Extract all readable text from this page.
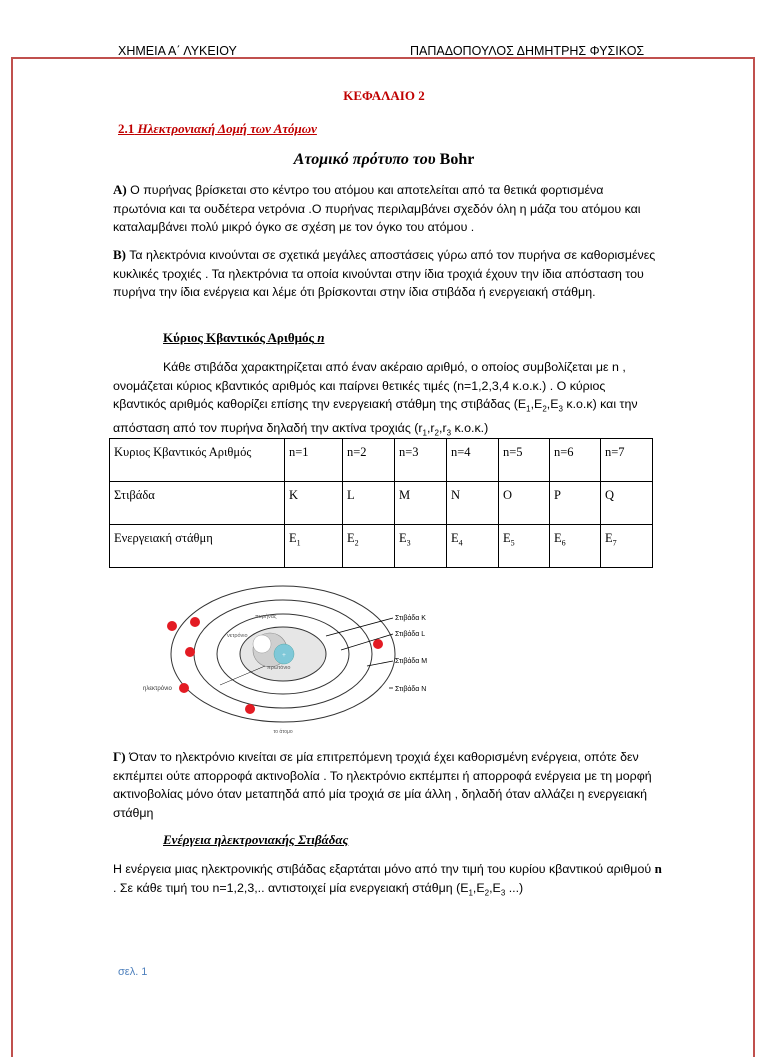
ΧΗΜΕΙΑ Α΄ ΛΥΚΕΙΟΥ	ΠΑΠΑΔΟΠΟΥΛΟΣ ΔΗΜΗΤΡΗΣ ΦΥΣΙΚΟΣ
ΚΕΦΑΛΑΙΟ 2
2.1 Ηλεκτρονιακή Δομή των Ατόμων
Ατομικό πρότυπο του Bohr
Α) Ο πυρήνας βρίσκεται στο κέντρο του ατόμου και αποτελείται από τα θετικά φορτισμένα πρωτόνια και τα ουδέτερα νετρόνια .Ο πυρήνας περιλαμβάνει σχεδόν όλη η μάζα του ατόμου και καταλαμβάνει πολύ μικρό όγκο σε σχέση με τον όγκο του ατόμου .
Β) Τα ηλεκτρόνια κινούνται σε σχετικά μεγάλες αποστάσεις γύρω από τον πυρήνα σε καθορισμένες κυκλικές τροχιές . Τα ηλεκτρόνια τα οποία κινούνται στην ίδια τροχιά έχουν την ίδια απόσταση του πυρήνα την ίδια ενέργεια και λέμε ότι βρίσκονται στην ίδια στιβάδα ή ενεργειακή στάθμη.
Κύριος Κβαντικός Αριθμός n
Κάθε στιβάδα χαρακτηρίζεται από έναν ακέραιο αριθμό, ο οποίος συμβολίζεται με n , ονομάζεται κύριος κβαντικός αριθμός και παίρνει θετικές τιμές (n=1,2,3,4 κ.ο.κ.) . Ο κύριος κβαντικός αριθμός καθορίζει επίσης την ενεργειακή στάθμη της στιβάδας ($E_1,E_2,E_3$ κ.ο.κ) και την απόσταση από τον πυρήνα δηλαδή την ακτίνα τροχιάς ($r_1,r_2,r_3$ κ.ο.κ.)
Κυριος Κβαντικός Αριθμός	n=1	n=2	n=3	n=4	n=5	n=6	n=7
Στιβάδα	K	L	M	N	O	P	Q
Ενεργειακή στάθμη	$E_1$	$E_2$	$E_3$	$E_4$	$E_5$	$E_6$	$E_7$
+
Στιβάδα K
Στιβάδα L
Στιβάδα M
Στιβάδα N
πυρήνας
νετρόνιο
πρωτόνιο
ηλεκτρόνιο
το άτομο
Γ) Όταν το ηλεκτρόνιο κινείται σε μία επιτρεπόμενη τροχιά έχει καθορισμένη ενέργεια, οπότε δεν εκπέμπει ούτε απορροφά ακτινοβολία . Το ηλεκτρόνιο εκπέμπει ή απορροφά ενέργεια με τη μορφή ακτινοβολίας μόνο όταν μεταπηδά από μία τροχιά σε μία άλλη , δηλαδή όταν αλλάζει η ενεργειακή στάθμη
Ενέργεια ηλεκτρονιακής Στιβάδας
Η ενέργεια μιας ηλεκτρονικής στιβάδας εξαρτάται μόνο από την τιμή του κυρίου κβαντικού αριθμού n . Σε κάθε τιμή του n=1,2,3,.. αντιστοιχεί μία ενεργειακή στάθμη ($E_1,E_2,E_3$ ...)
σελ. 1
